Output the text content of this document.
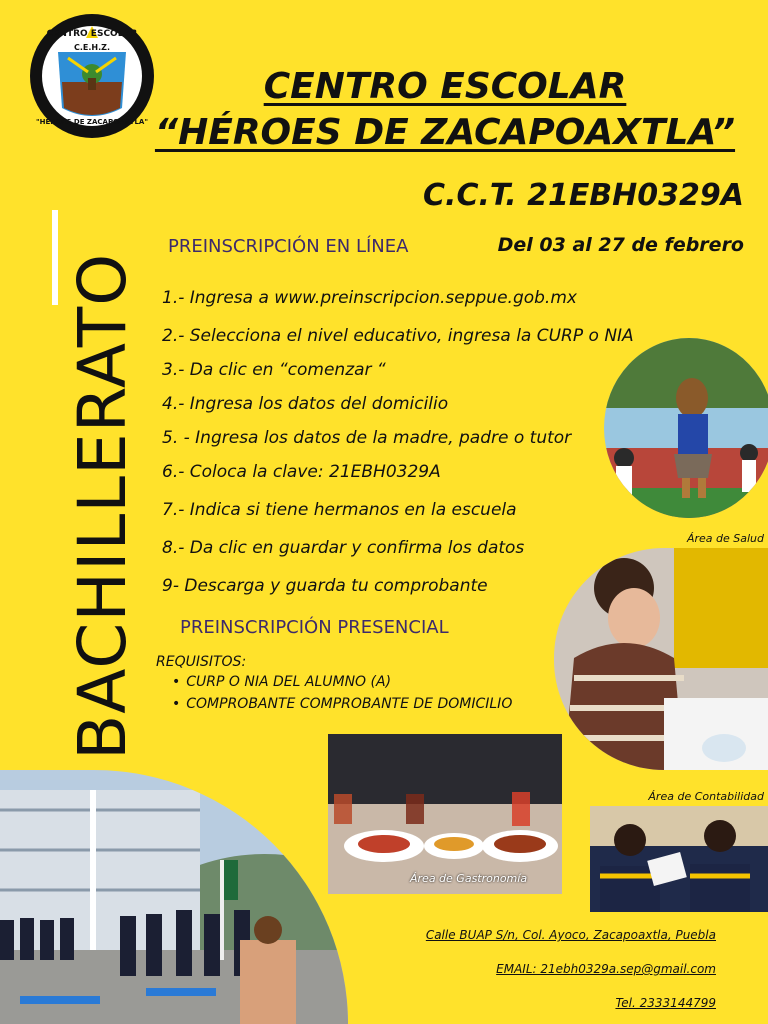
CENTRO ESCOLAR
C.E.H.Z.
"HÉROES DE ZACAPOAXTLA"
CENTRO ESCOLAR
“HÉROES DE ZACAPOAXTLA”
C.C.T. 21EBH0329A
BACHILLERATO
PREINSCRIPCIÓN EN LÍNEA	Del 03 al 27 de febrero
1.- Ingresa a www.preinscripcion.seppue.gob.mx
2.- Selecciona el nivel educativo, ingresa la CURP o NIA
3.- Da clic en “comenzar “
4.- Ingresa los datos del domicilio
5. - Ingresa los datos de la madre, padre o tutor
6.- Coloca la clave: 21EBH0329A
7.- Indica si tiene hermanos en la escuela
8.- Da clic en guardar y confirma los datos
9- Descarga y guarda tu comprobante
PREINSCRIPCIÓN PRESENCIAL
REQUISITOS:
• CURP O NIA DEL ALUMNO (A)
• COMPROBANTE COMPROBANTE DE DOMICILIO
Área de Salud
Área de Contabilidad
Área de Gastronomía
Calle BUAP S/n, Col. Ayoco, Zacapoaxtla, Puebla
EMAIL: 21ebh0329a.sep@gmail.com
Tel. 2333144799
